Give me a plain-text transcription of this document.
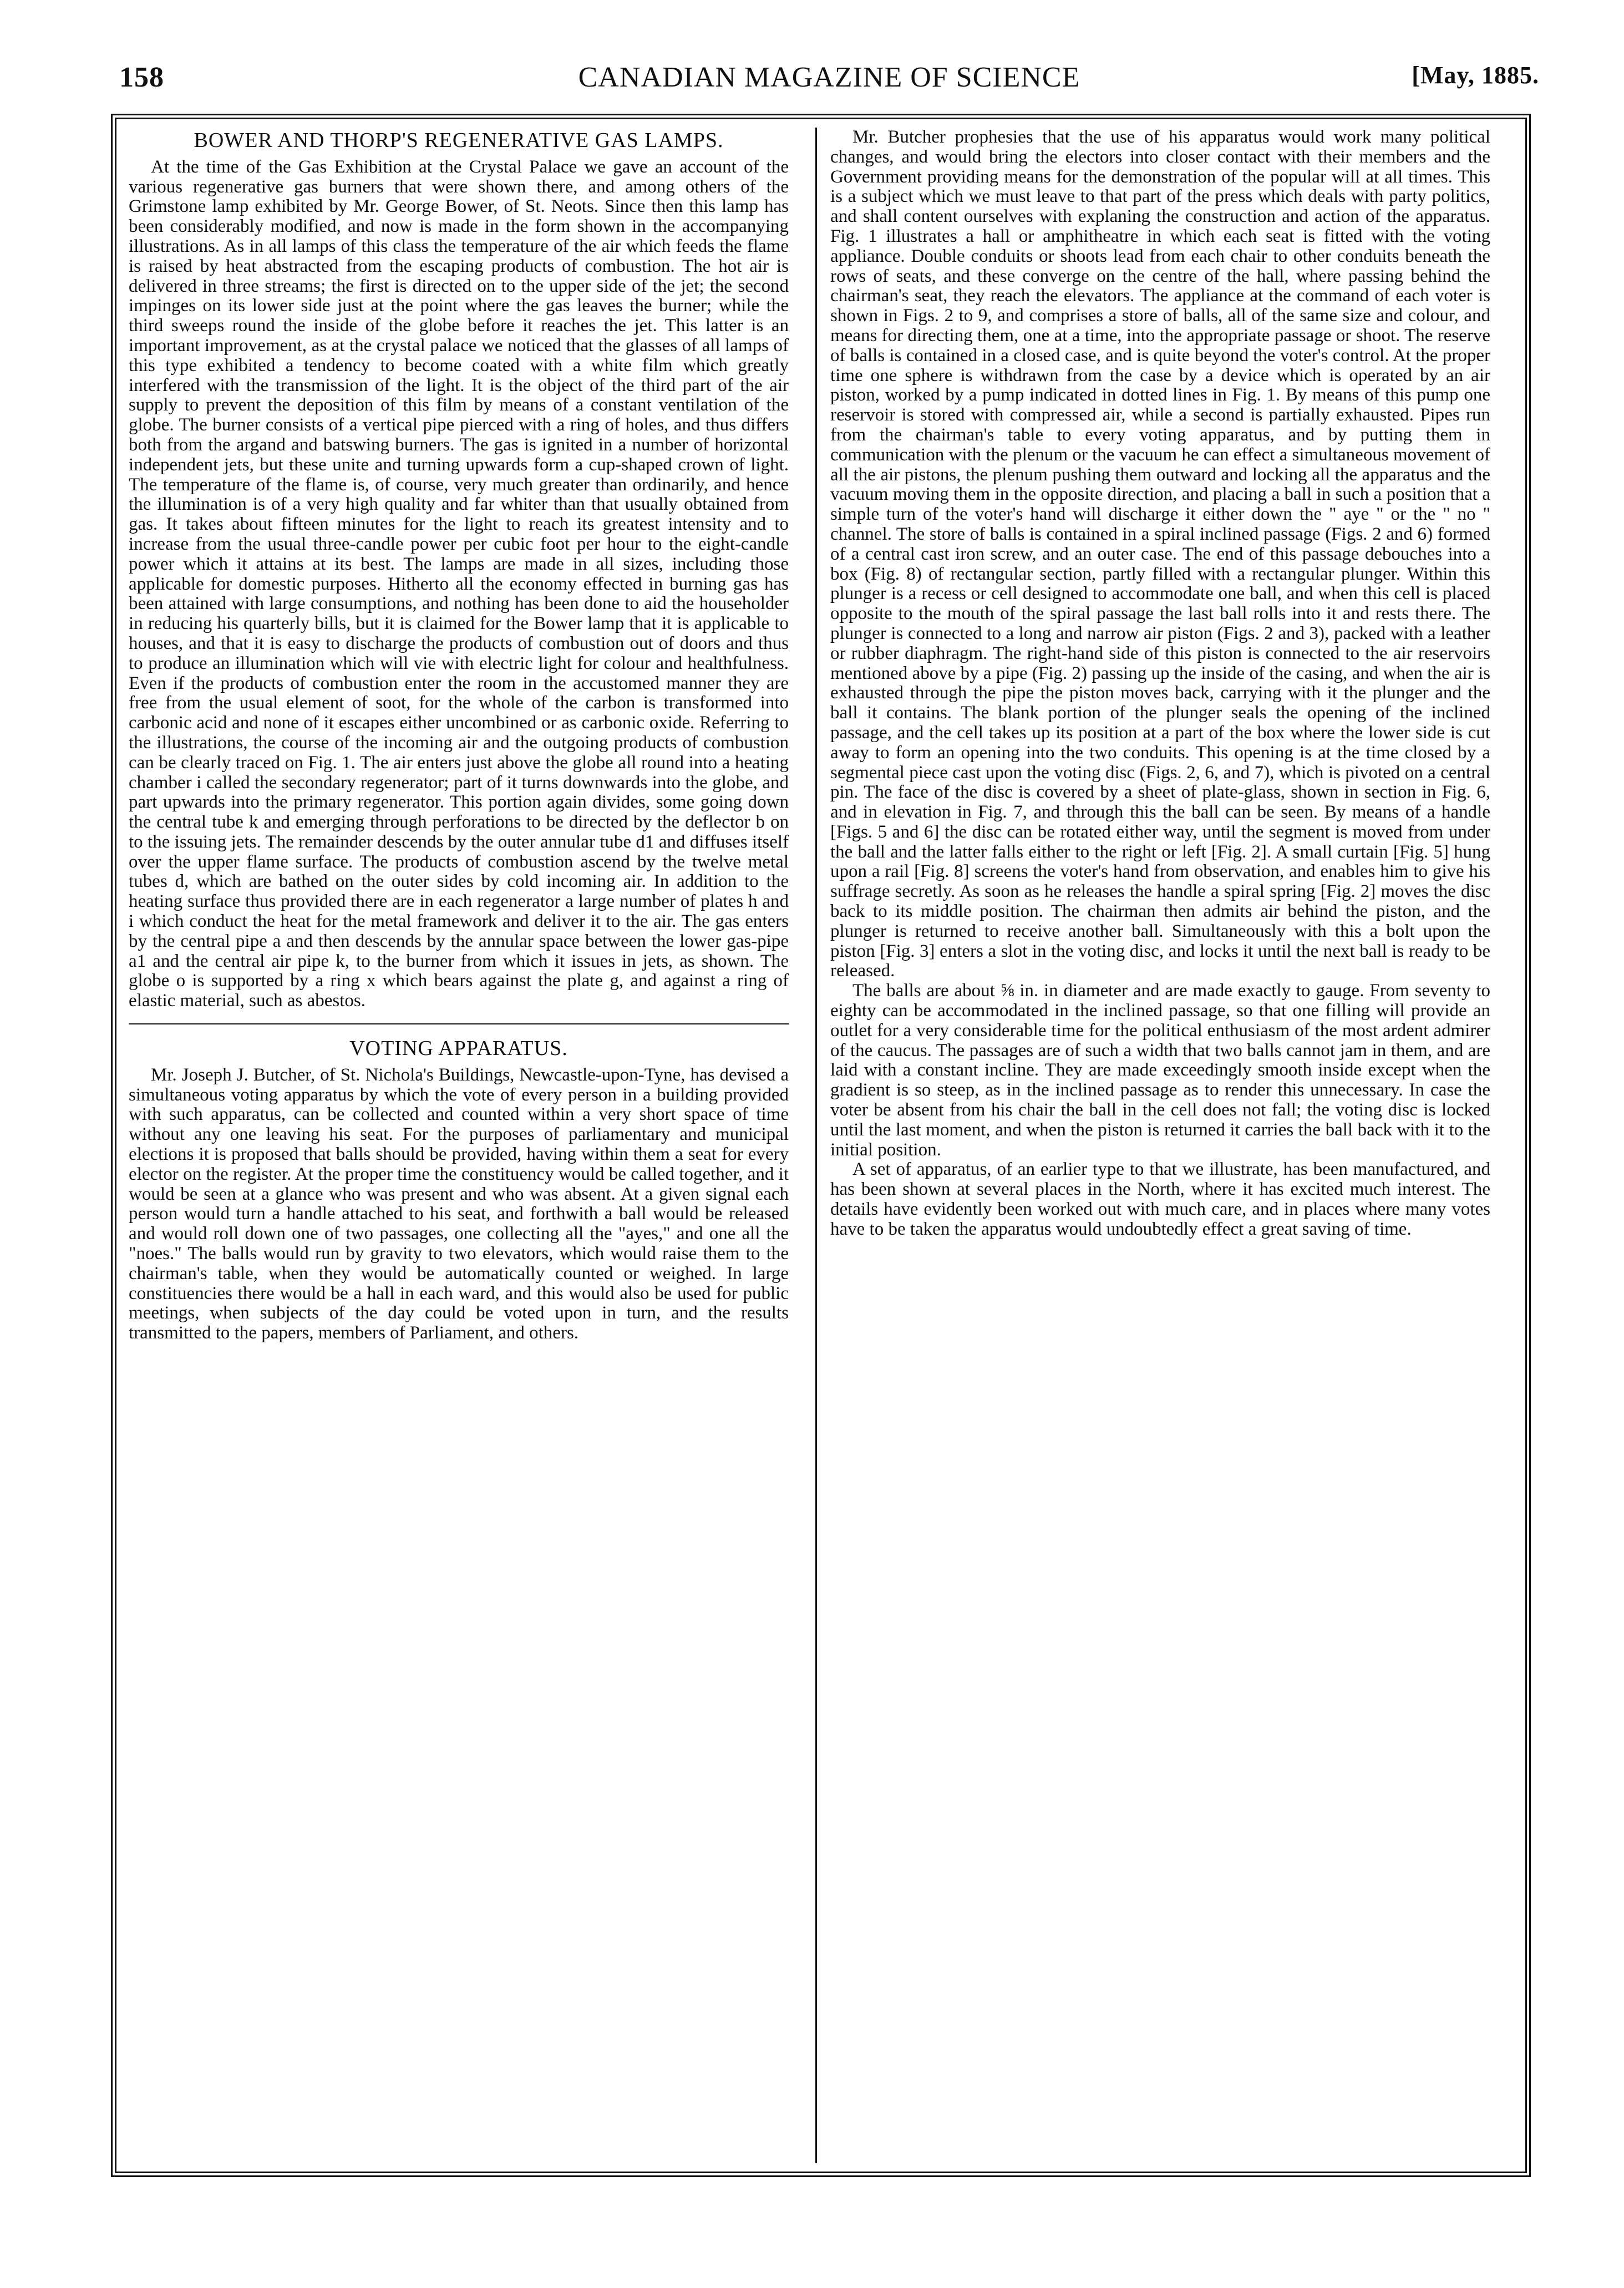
158	CANADIAN MAGAZINE OF SCIENCE	[May, 1885.
BOWER AND THORP'S REGENERATIVE GAS LAMPS.

At the time of the Gas Exhibition at the Crystal Palace we gave an account of the various regenerative gas burners that were shown there, and among others of the Grimstone lamp exhibited by Mr. George Bower, of St. Neots. Since then this lamp has been considerably modified, and now is made in the form shown in the accompanying illustrations. As in all lamps of this class the temperature of the air which feeds the flame is raised by heat abstracted from the escaping products of combustion. The hot air is delivered in three streams; the first is directed on to the upper side of the jet; the second impinges on its lower side just at the point where the gas leaves the burner; while the third sweeps round the inside of the globe before it reaches the jet. This latter is an important improvement, as at the crystal palace we noticed that the glasses of all lamps of this type exhibited a tendency to become coated with a white film which greatly interfered with the transmission of the light. It is the object of the third part of the air supply to prevent the deposition of this film by means of a constant ventilation of the globe. The burner consists of a vertical pipe pierced with a ring of holes, and thus differs both from the argand and batswing burners. The gas is ignited in a number of horizontal independent jets, but these unite and turning upwards form a cup-shaped crown of light. The temperature of the flame is, of course, very much greater than ordinarily, and hence the illumination is of a very high quality and far whiter than that usually obtained from gas. It takes about fifteen minutes for the light to reach its greatest intensity and to increase from the usual three-candle power per cubic foot per hour to the eight-candle power which it attains at its best. The lamps are made in all sizes, including those applicable for domestic purposes. Hitherto all the economy effected in burning gas has been attained with large consumptions, and nothing has been done to aid the householder in reducing his quarterly bills, but it is claimed for the Bower lamp that it is applicable to houses, and that it is easy to discharge the products of combustion out of doors and thus to produce an illumination which will vie with electric light for colour and healthfulness. Even if the products of combustion enter the room in the accustomed manner they are free from the usual element of soot, for the whole of the carbon is transformed into carbonic acid and none of it escapes either uncombined or as carbonic oxide. Referring to the illustrations, the course of the incoming air and the outgoing products of combustion can be clearly traced on Fig. 1. The air enters just above the globe all round into a heating chamber i called the secondary regenerator; part of it turns downwards into the globe, and part upwards into the primary regenerator. This portion again divides, some going down the central tube k and emerging through perforations to be directed by the deflector b on to the issuing jets. The remainder descends by the outer annular tube d1 and diffuses itself over the upper flame surface. The products of combustion ascend by the twelve metal tubes d, which are bathed on the outer sides by cold incoming air. In addition to the heating surface thus provided there are in each regenerator a large number of plates h and i which conduct the heat for the metal framework and deliver it to the air. The gas enters by the central pipe a and then descends by the annular space between the lower gas-pipe a1 and the central air pipe k, to the burner from which it issues in jets, as shown. The globe o is supported by a ring x which bears against the plate g, and against a ring of elastic material, such as abestos.

VOTING APPARATUS.

Mr. Joseph J. Butcher, of St. Nichola's Buildings, Newcastle-upon-Tyne, has devised a simultaneous voting apparatus by which the vote of every person in a building provided with such apparatus, can be collected and counted within a very short space of time without any one leaving his seat. For the purposes of parliamentary and municipal elections it is proposed that balls should be provided, having within them a seat for every elector on the register. At the proper time the constituency would be called together, and it would be seen at a glance who was present and who was absent. At a given signal each person would turn a handle attached to his seat, and forthwith a ball would be released and would roll down one of two passages, one collecting all the "ayes," and one all the "noes." The balls would run by gravity to two elevators, which would raise them to the chairman's table, when they would be automatically counted or weighed. In large constituencies there would be a hall in each ward, and this would also be used for public meetings, when subjects of the day could be voted upon in turn, and the results transmitted to the papers, members of Parliament, and others.

Mr. Butcher prophesies that the use of his apparatus would work many political changes, and would bring the electors into closer contact with their members and the Government providing means for the demonstration of the popular will at all times. This is a subject which we must leave to that part of the press which deals with party politics, and shall content ourselves with explaning the construction and action of the apparatus. Fig. 1 illustrates a hall or amphitheatre in which each seat is fitted with the voting appliance. Double conduits or shoots lead from each chair to other conduits beneath the rows of seats, and these converge on the centre of the hall, where passing behind the chairman's seat, they reach the elevators. The appliance at the command of each voter is shown in Figs. 2 to 9, and comprises a store of balls, all of the same size and colour, and means for directing them, one at a time, into the appropriate passage or shoot. The reserve of balls is contained in a closed case, and is quite beyond the voter's control. At the proper time one sphere is withdrawn from the case by a device which is operated by an air piston, worked by a pump indicated in dotted lines in Fig. 1. By means of this pump one reservoir is stored with compressed air, while a second is partially exhausted. Pipes run from the chairman's table to every voting apparatus, and by putting them in communication with the plenum or the vacuum he can effect a simultaneous movement of all the air pistons, the plenum pushing them outward and locking all the apparatus and the vacuum moving them in the opposite direction, and placing a ball in such a position that a simple turn of the voter's hand will discharge it either down the " aye " or the " no " channel. The store of balls is contained in a spiral inclined passage (Figs. 2 and 6) formed of a central cast iron screw, and an outer case. The end of this passage debouches into a box (Fig. 8) of rectangular section, partly filled with a rectangular plunger. Within this plunger is a recess or cell designed to accommodate one ball, and when this cell is placed opposite to the mouth of the spiral passage the last ball rolls into it and rests there. The plunger is connected to a long and narrow air piston (Figs. 2 and 3), packed with a leather or rubber diaphragm. The right-hand side of this piston is connected to the air reservoirs mentioned above by a pipe (Fig. 2) passing up the inside of the casing, and when the air is exhausted through the pipe the piston moves back, carrying with it the plunger and the ball it contains. The blank portion of the plunger seals the opening of the inclined passage, and the cell takes up its position at a part of the box where the lower side is cut away to form an opening into the two conduits. This opening is at the time closed by a segmental piece cast upon the voting disc (Figs. 2, 6, and 7), which is pivoted on a central pin. The face of the disc is covered by a sheet of plate-glass, shown in section in Fig. 6, and in elevation in Fig. 7, and through this the ball can be seen. By means of a handle [Figs. 5 and 6] the disc can be rotated either way, until the segment is moved from under the ball and the latter falls either to the right or left [Fig. 2]. A small curtain [Fig. 5] hung upon a rail [Fig. 8] screens the voter's hand from observation, and enables him to give his suffrage secretly. As soon as he releases the handle a spiral spring [Fig. 2] moves the disc back to its middle position. The chairman then admits air behind the piston, and the plunger is returned to receive another ball. Simultaneously with this a bolt upon the piston [Fig. 3] enters a slot in the voting disc, and locks it until the next ball is ready to be released.

The balls are about ⅝ in. in diameter and are made exactly to gauge. From seventy to eighty can be accommodated in the inclined passage, so that one filling will provide an outlet for a very considerable time for the political enthusiasm of the most ardent admirer of the caucus. The passages are of such a width that two balls cannot jam in them, and are laid with a constant incline. They are made exceedingly smooth inside except when the gradient is so steep, as in the inclined passage as to render this unnecessary. In case the voter be absent from his chair the ball in the cell does not fall; the voting disc is locked until the last moment, and when the piston is returned it carries the ball back with it to the initial position.

A set of apparatus, of an earlier type to that we illustrate, has been manufactured, and has been shown at several places in the North, where it has excited much interest. The details have evidently been worked out with much care, and in places where many votes have to be taken the apparatus would undoubtedly effect a great saving of time.
